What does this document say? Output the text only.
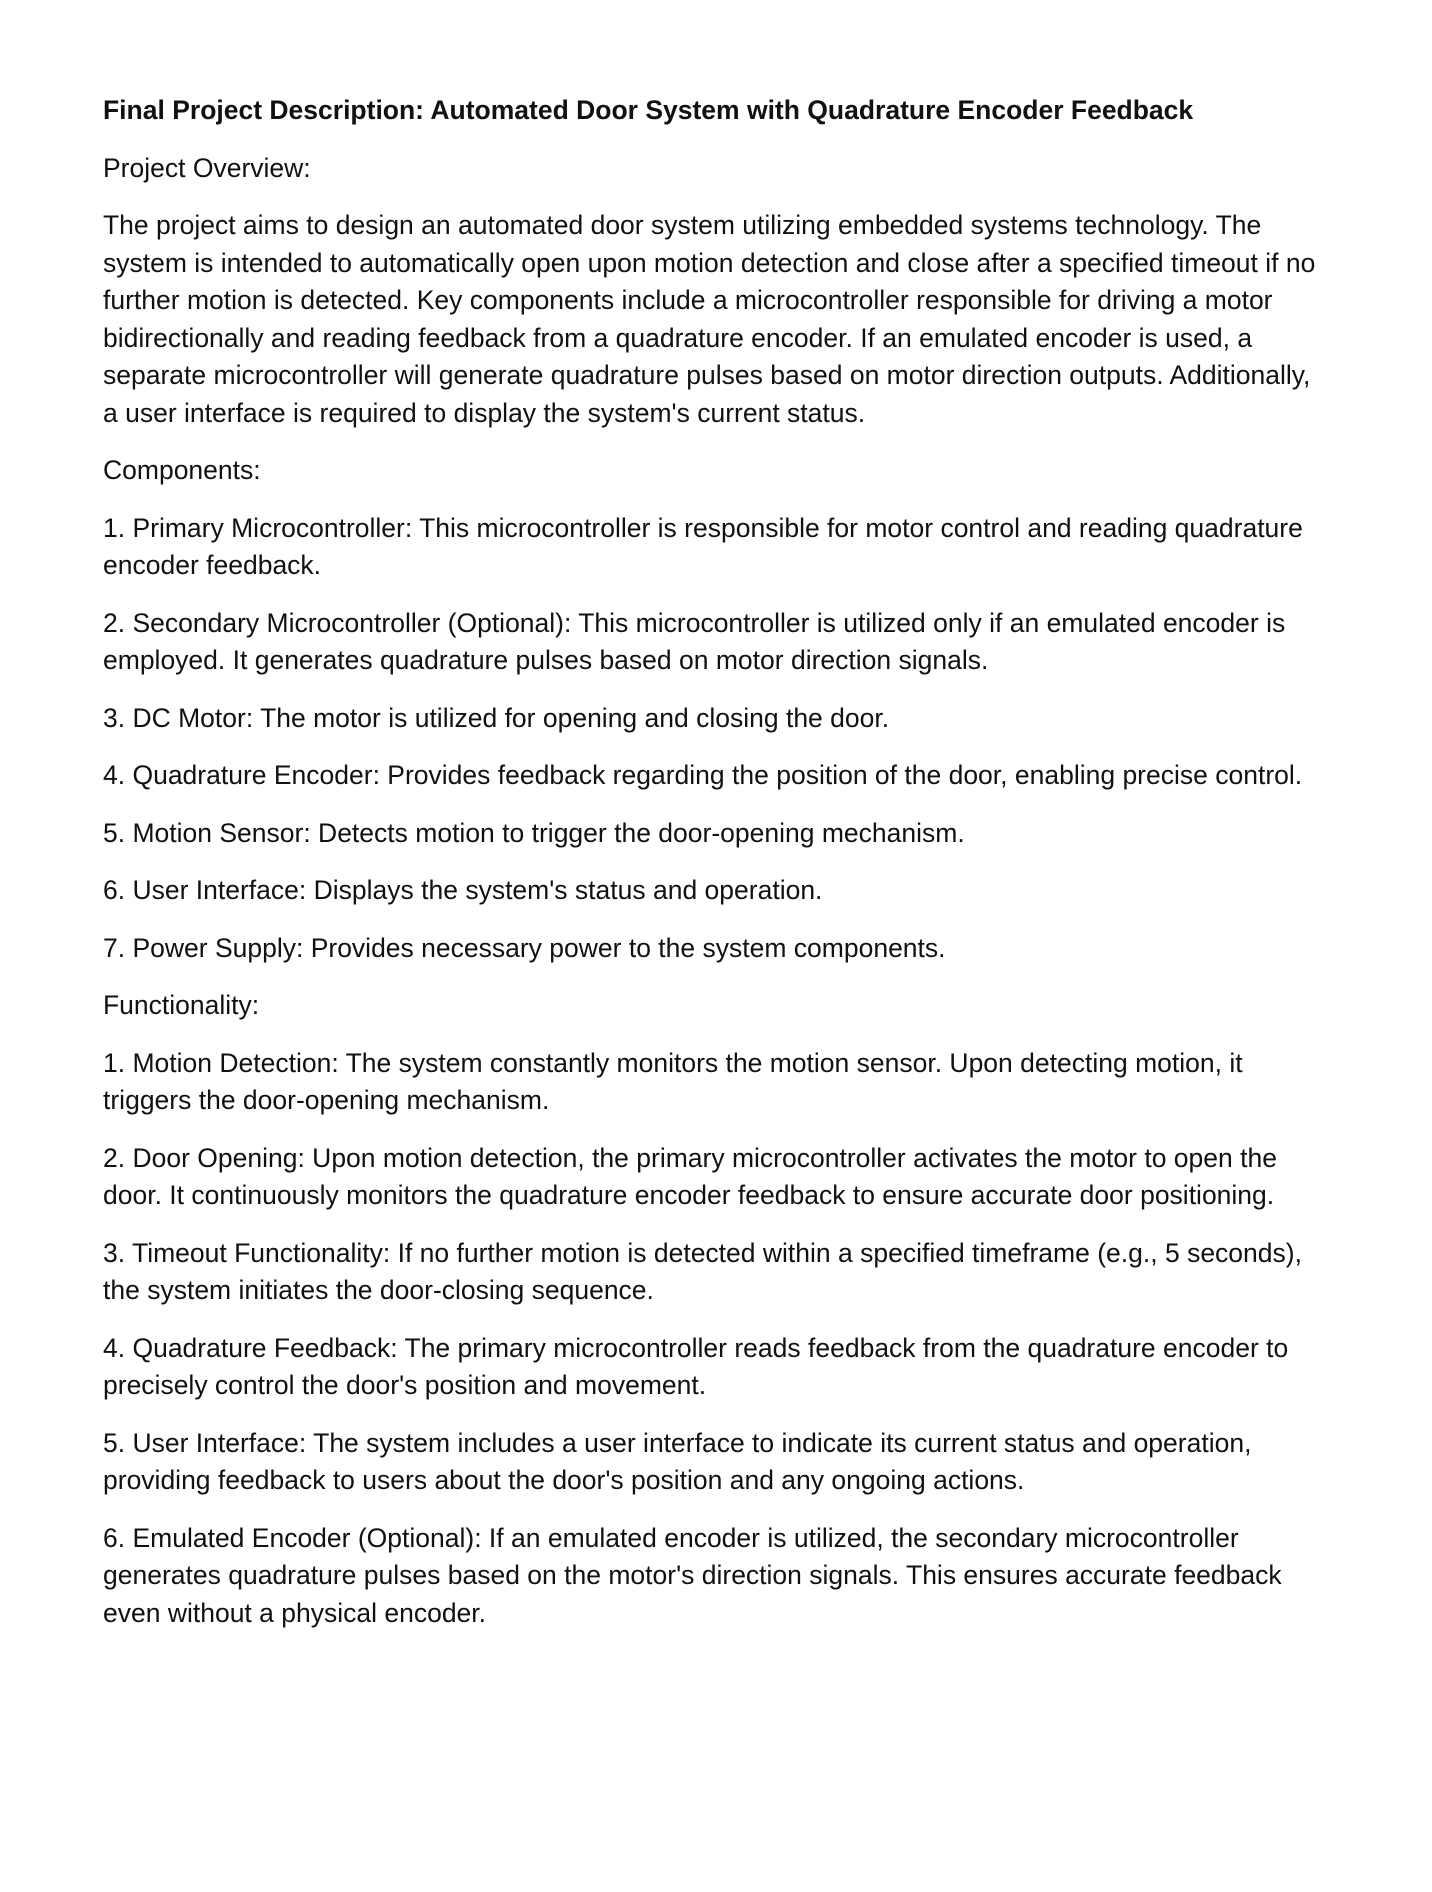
Final Project Description: Automated Door System with Quadrature Encoder Feedback

Project Overview:

The project aims to design an automated door system utilizing embedded systems technology. The system is intended to automatically open upon motion detection and close after a specified timeout if no further motion is detected. Key components include a microcontroller responsible for driving a motor bidirectionally and reading feedback from a quadrature encoder. If an emulated encoder is used, a separate microcontroller will generate quadrature pulses based on motor direction outputs. Additionally, a user interface is required to display the system's current status.

Components:

1. Primary Microcontroller: This microcontroller is responsible for motor control and reading quadrature encoder feedback.

2. Secondary Microcontroller (Optional): This microcontroller is utilized only if an emulated encoder is employed. It generates quadrature pulses based on motor direction signals.

3. DC Motor: The motor is utilized for opening and closing the door.

4. Quadrature Encoder: Provides feedback regarding the position of the door, enabling precise control.

5. Motion Sensor: Detects motion to trigger the door-opening mechanism.

6. User Interface: Displays the system's status and operation.

7. Power Supply: Provides necessary power to the system components.

Functionality:

1. Motion Detection: The system constantly monitors the motion sensor. Upon detecting motion, it triggers the door-opening mechanism.

2. Door Opening: Upon motion detection, the primary microcontroller activates the motor to open the door. It continuously monitors the quadrature encoder feedback to ensure accurate door positioning.

3. Timeout Functionality: If no further motion is detected within a specified timeframe (e.g., 5 seconds), the system initiates the door-closing sequence.

4. Quadrature Feedback: The primary microcontroller reads feedback from the quadrature encoder to precisely control the door's position and movement.

5. User Interface: The system includes a user interface to indicate its current status and operation, providing feedback to users about the door's position and any ongoing actions.

6. Emulated Encoder (Optional): If an emulated encoder is utilized, the secondary microcontroller generates quadrature pulses based on the motor's direction signals. This ensures accurate feedback even without a physical encoder.
